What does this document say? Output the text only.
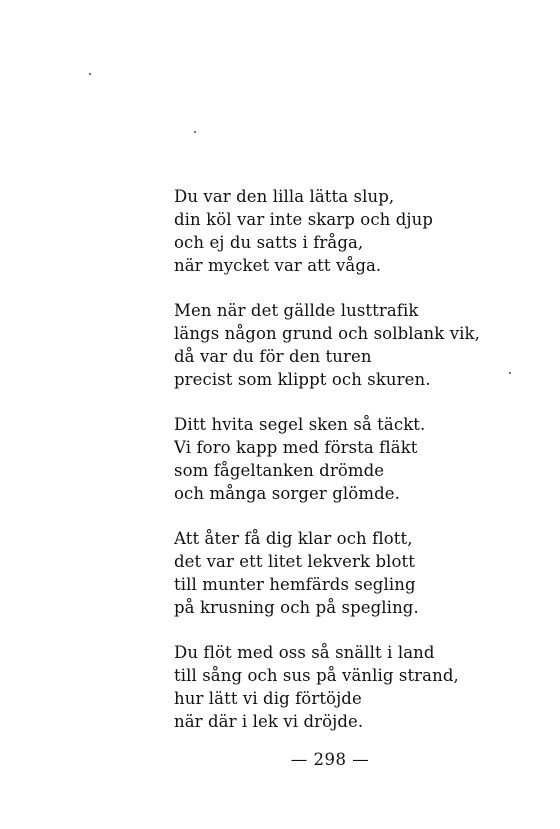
Du var den lilla lätta slup,
din köl var inte skarp och djup
och ej du satts i fråga,
när mycket var att våga.
Men när det gällde lusttrafik
längs någon grund och solblank vik,
då var du för den turen
precist som klippt och skuren.
Ditt hvita segel sken så täckt.
Vi foro kapp med första fläkt
som fågeltanken drömde
och många sorger glömde.
Att åter få dig klar och flott,
det var ett litet lekverk blott
till munter hemfärds segling
på krusning och på spegling.
Du flöt med oss så snällt i land
till sång och sus på vänlig strand,
hur lätt vi dig förtöjde
när där i lek vi dröjde.
— 298 —
